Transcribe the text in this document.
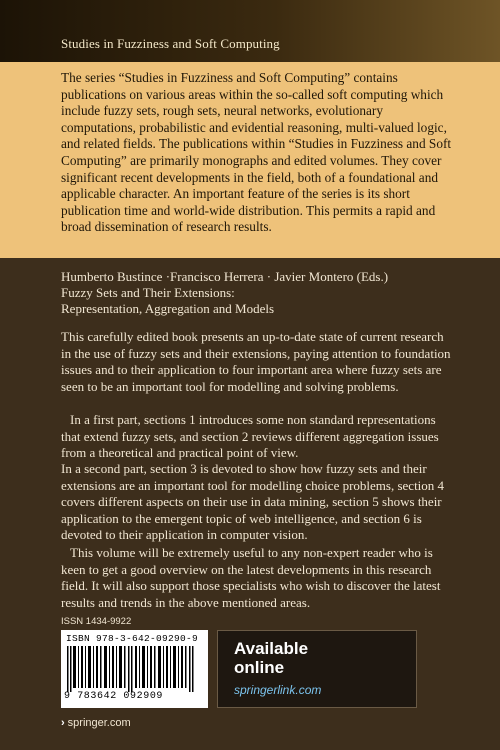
Studies in Fuzziness and Soft Computing

The series “Studies in Fuzziness and Soft Computing” contains publications on various areas within the so-called soft computing which include fuzzy sets, rough sets, neural networks, evolutionary computations, probabilistic and evidential reasoning, multi-valued logic, and related fields. The publications within “Studies in Fuzziness and Soft Computing” are primarily monographs and edited volumes. They cover significant recent developments in the field, both of a foundational and applicable character. An important feature of the series is its short publication time and world-wide distribution. This permits a rapid and broad dissemination of research results.

Humberto Bustince ·Francisco Herrera · Javier Montero (Eds.)
Fuzzy Sets and Their Extensions:
Representation, Aggregation and Models

This carefully edited book presents an up-to-date state of current research in the use of fuzzy sets and their extensions, paying attention to foundation issues and to their application to four important area where fuzzy sets are seen to be an important tool for modelling and solving problems.

In a first part, sections 1 introduces some non standard representations that extend fuzzy sets, and section 2 reviews different aggregation issues from a theoretical and practical point of view.

In a second part, section 3 is devoted to show how fuzzy sets and their extensions are an important tool for modelling choice problems, section 4 covers different aspects on their use in data mining, section 5 shows their application to the emergent topic of web intelligence, and section 6 is devoted to their application in computer vision.

This volume will be extremely useful to any non-expert reader who is keen to get a good overview on the latest developments in this research field. It will also support those specialists who wish to discover the latest results and trends in the above mentioned areas.

ISSN 1434-9922
ISBN 978-3-642-09290-9
9 783642 092909
Available
online
springerlink.com
› springer.com
